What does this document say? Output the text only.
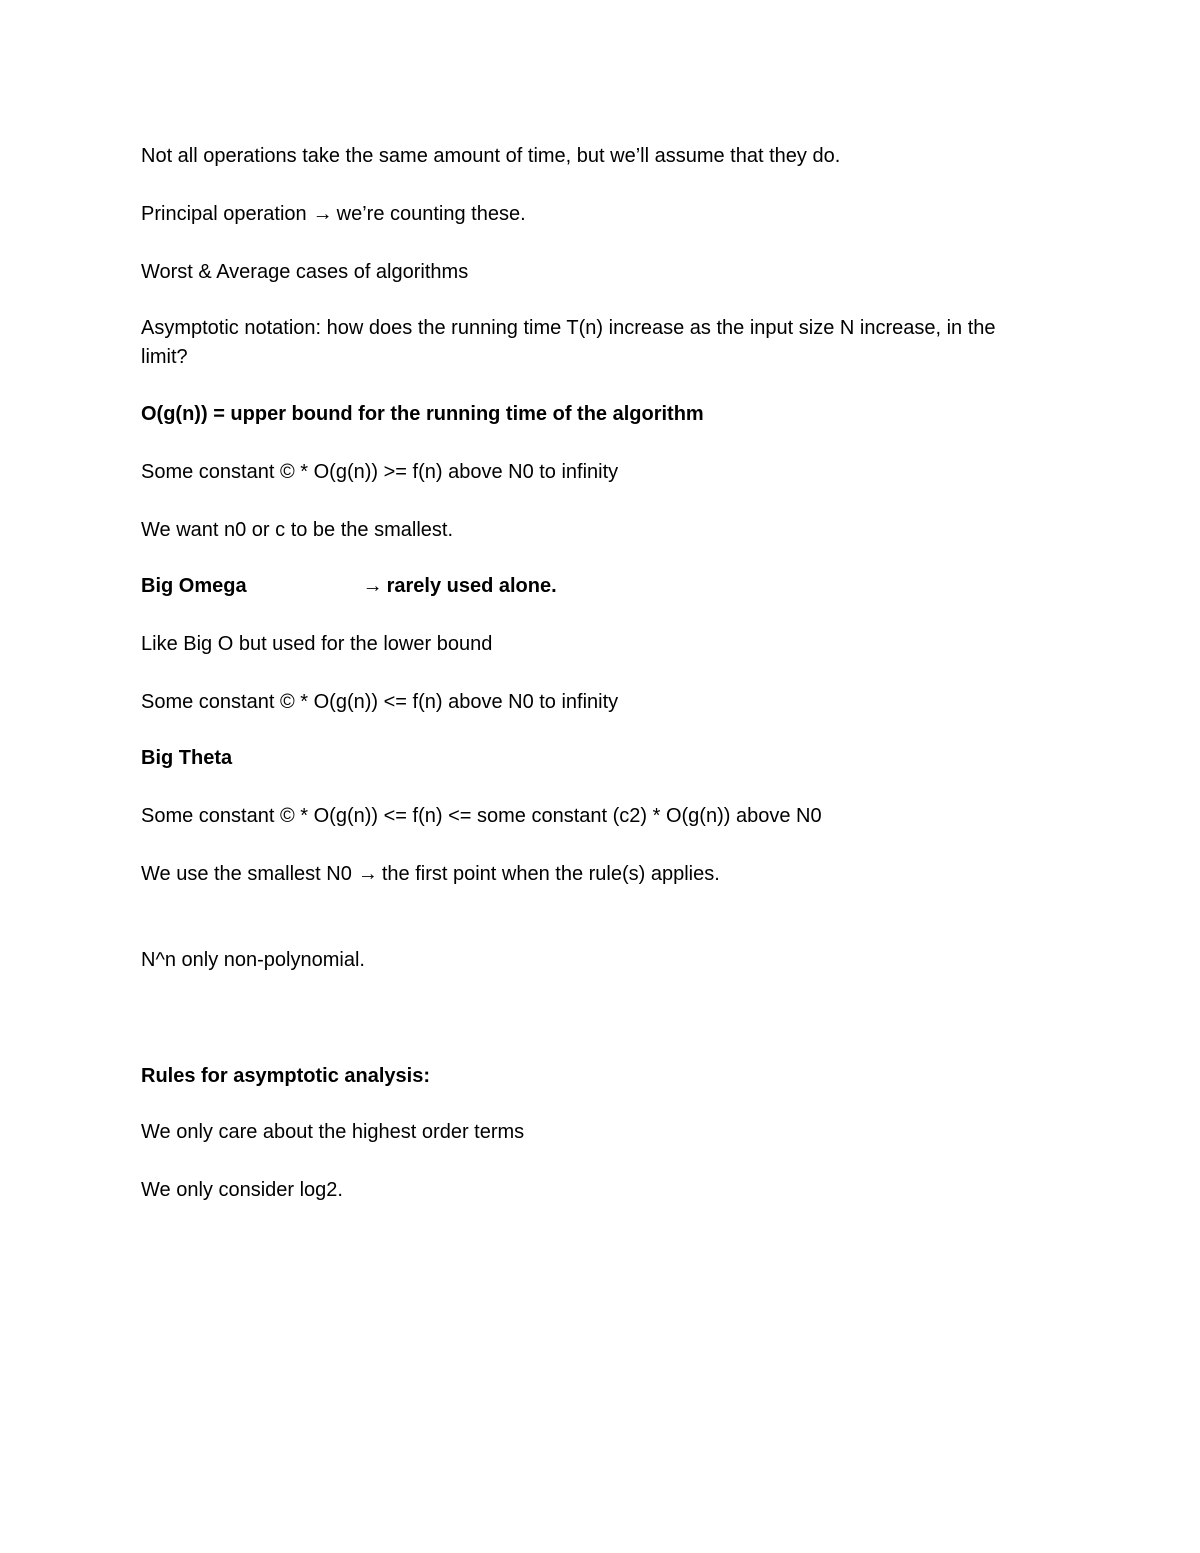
Not all operations take the same amount of time, but we’ll assume that they do.

Principal operation → we’re counting these.

Worst & Average cases of algorithms

Asymptotic notation: how does the running time T(n) increase as the input size N increase, in the limit?

O(g(n)) = upper bound for the running time of the algorithm

Some constant © * O(g(n)) >= f(n) above N0 to infinity

We want n0 or c to be the smallest.

Big Omega	→ rarely used alone.

Like Big O but used for the lower bound

Some constant © * O(g(n)) <= f(n) above N0 to infinity

Big Theta

Some constant © * O(g(n)) <= f(n) <= some constant (c2) * O(g(n)) above N0

We use the smallest N0 → the first point when the rule(s) applies.

N^n only non-polynomial.

Rules for asymptotic analysis:

We only care about the highest order terms

We only consider log2.
